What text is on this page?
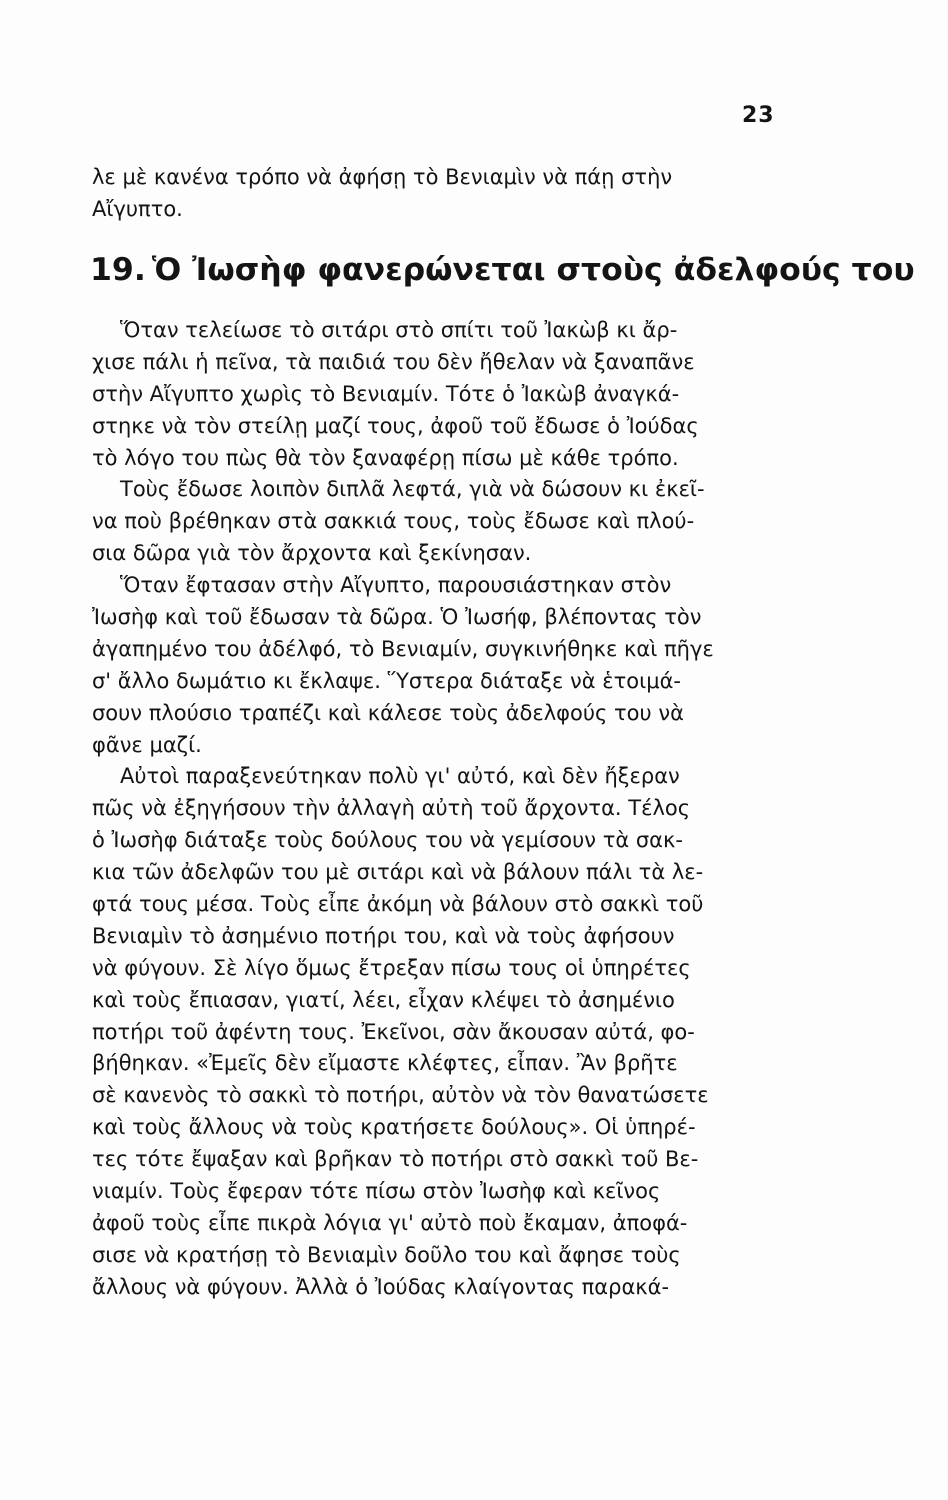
23
λε μὲ κανένα τρόπο νὰ ἀφήσῃ τὸ Βενιαμὶν νὰ πάῃ στὴν
Αἴγυπτο.
19. Ὁ Ἰωσὴφ φανερώνεται στοὺς ἀδελφούς του
Ὅταν τελείωσε τὸ σιτάρι στὸ σπίτι τοῦ Ἰακὼβ κι ἄρ-
χισε πάλι ἡ πεῖνα, τὰ παιδιά του δὲν ἤθελαν νὰ ξαναπᾶνε
στὴν Αἴγυπτο χωρὶς τὸ Βενιαμίν. Τότε ὁ Ἰακὼβ ἀναγκά-
στηκε νὰ τὸν στείλῃ μαζί τους, ἀφοῦ τοῦ ἔδωσε ὁ Ἰούδας
τὸ λόγο του πὼς θὰ τὸν ξαναφέρῃ πίσω μὲ κάθε τρόπο.
Τοὺς ἔδωσε λοιπὸν διπλᾶ λεφτά, γιὰ νὰ δώσουν κι ἐκεῖ-
να ποὺ βρέθηκαν στὰ σακκιά τους, τοὺς ἔδωσε καὶ πλού-
σια δῶρα γιὰ τὸν ἄρχοντα καὶ ξεκίνησαν.
Ὅταν ἔφτασαν στὴν Αἴγυπτο, παρουσιάστηκαν στὸν
Ἰωσὴφ καὶ τοῦ ἔδωσαν τὰ δῶρα. Ὁ Ἰωσήφ, βλέποντας τὸν
ἀγαπημένο του ἀδέλφό, τὸ Βενιαμίν, συγκινήθηκε καὶ πῆγε
σ' ἄλλο δωμάτιο κι ἔκλαψε. Ὕστερα διάταξε νὰ ἑτοιμά-
σουν πλούσιο τραπέζι καὶ κάλεσε τοὺς ἀδελφούς του νὰ
φᾶνε μαζί.
Αὐτοὶ παραξενεύτηκαν πολὺ γι' αὐτό, καὶ δὲν ἤξεραν
πῶς νὰ ἐξηγήσουν τὴν ἀλλαγὴ αὐτὴ τοῦ ἄρχοντα. Τέλος
ὁ Ἰωσὴφ διάταξε τοὺς δούλους του νὰ γεμίσουν τὰ σακ-
κια τῶν ἀδελφῶν του μὲ σιτάρι καὶ νὰ βάλουν πάλι τὰ λε-
φτά τους μέσα. Τοὺς εἶπε ἀκόμη νὰ βάλουν στὸ σακκὶ τοῦ
Βενιαμὶν τὸ ἀσημένιο ποτήρι του, καὶ νὰ τοὺς ἀφήσουν
νὰ φύγουν. Σὲ λίγο ὅμως ἔτρεξαν πίσω τους οἱ ὑπηρέτες
καὶ τοὺς ἔπιασαν, γιατί, λέει, εἶχαν κλέψει τὸ ἀσημένιο
ποτήρι τοῦ ἀφέντη τους. Ἐκεῖνοι, σὰν ἄκουσαν αὐτά, φο-
βήθηκαν. «Ἐμεῖς δὲν εἴμαστε κλέφτες, εἶπαν. Ἂν βρῆτε
σὲ κανενὸς τὸ σακκὶ τὸ ποτήρι, αὐτὸν νὰ τὸν θανατώσετε
καὶ τοὺς ἄλλους νὰ τοὺς κρατήσετε δούλους». Οἱ ὑπηρέ-
τες τότε ἔψαξαν καὶ βρῆκαν τὸ ποτήρι στὸ σακκὶ τοῦ Βε-
νιαμίν. Τοὺς ἔφεραν τότε πίσω στὸν Ἰωσὴφ καὶ κεῖνος
ἀφοῦ τοὺς εἶπε πικρὰ λόγια γι' αὐτὸ ποὺ ἔκαμαν, ἀποφά-
σισε νὰ κρατήσῃ τὸ Βενιαμὶν δοῦλο του καὶ ἄφησε τοὺς
ἄλλους νὰ φύγουν. Ἀλλὰ ὁ Ἰούδας κλαίγοντας παρακά-
